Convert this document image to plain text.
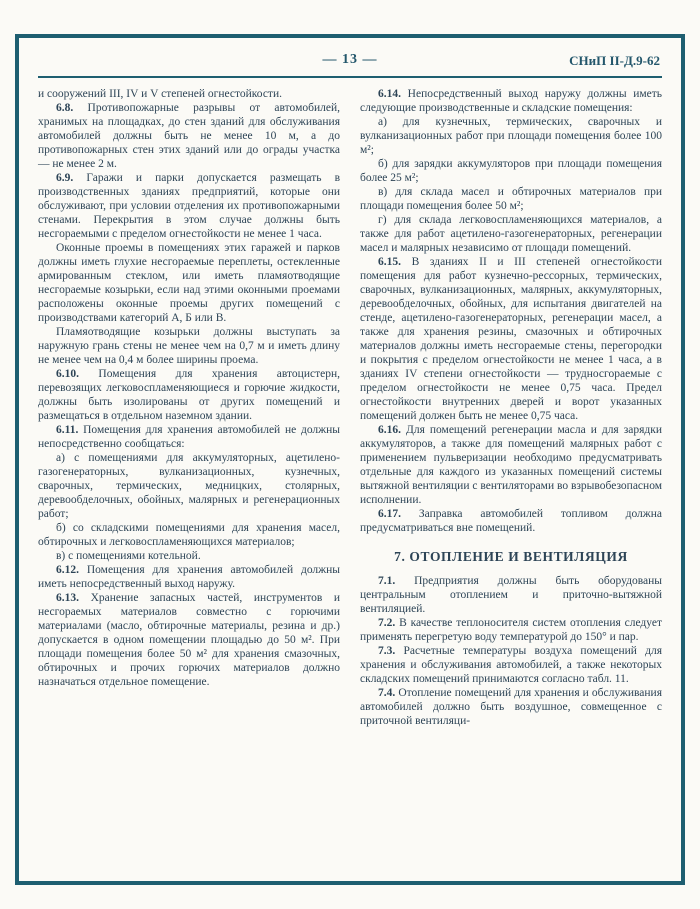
— 13 —	СНиП II-Д.9-62

и сооружений III, IV и V степеней огнестойкости.

6.8. Противопожарные разрывы от автомобилей, хранимых на площадках, до стен зданий для обслуживания автомобилей должны быть не менее 10 м, а до противопожарных стен этих зданий или до ограды участка — не менее 2 м.

6.9. Гаражи и парки допускается размещать в производственных зданиях предприятий, которые они обслуживают, при условии отделения их противопожарными стенами. Перекрытия в этом случае должны быть несгораемыми с пределом огнестойкости не менее 1 часа.

Оконные проемы в помещениях этих гаражей и парков должны иметь глухие несгораемые переплеты, остекленные армированным стеклом, или иметь пламяотводящие несгораемые козырьки, если над этими оконными проемами расположены оконные проемы других помещений с производствами категорий А, Б или В.

Пламяотводящие козырьки должны выступать за наружную грань стены не менее чем на 0,7 м и иметь длину не менее чем на 0,4 м более ширины проема.

6.10. Помещения для хранения автоцистерн, перевозящих легковоспламеняющиеся и горючие жидкости, должны быть изолированы от других помещений и размещаться в отдельном наземном здании.

6.11. Помещения для хранения автомобилей не должны непосредственно сообщаться:

а) с помещениями для аккумуляторных, ацетилено-газогенераторных, вулканизационных, кузнечных, сварочных, термических, медницких, столярных, деревообделочных, обойных, малярных и регенерационных работ;

б) со складскими помещениями для хранения масел, обтирочных и легковоспламеняющихся материалов;

в) с помещениями котельной.

6.12. Помещения для хранения автомобилей должны иметь непосредственный выход наружу.

6.13. Хранение запасных частей, инструментов и несгораемых материалов совместно с горючими материалами (масло, обтирочные материалы, резина и др.) допускается в одном помещении площадью до 50 м². При площади помещения более 50 м² для хранения смазочных, обтирочных и прочих горючих материалов должно назначаться отдельное помещение.

6.14. Непосредственный выход наружу должны иметь следующие производственные и складские помещения:

а) для кузнечных, термических, сварочных и вулканизационных работ при площади помещения более 100 м²;

б) для зарядки аккумуляторов при площади помещения более 25 м²;

в) для склада масел и обтирочных материалов при площади помещения более 50 м²;

г) для склада легковоспламеняющихся материалов, а также для работ ацетилено-газогенераторных, регенерации масел и малярных независимо от площади помещений.

6.15. В зданиях II и III степеней огнестойкости помещения для работ кузнечно-рессорных, термических, сварочных, вулканизационных, малярных, аккумуляторных, деревообделочных, обойных, для испытания двигателей на стенде, ацетилено-газогенераторных, регенерации масел, а также для хранения резины, смазочных и обтирочных материалов должны иметь несгораемые стены, перегородки и покрытия с пределом огнестойкости не менее 1 часа, а в зданиях IV степени огнестойкости — трудносгораемые с пределом огнестойкости не менее 0,75 часа. Предел огнестойкости внутренних дверей и ворот указанных помещений должен быть не менее 0,75 часа.

6.16. Для помещений регенерации масла и для зарядки аккумуляторов, а также для помещений малярных работ с применением пульверизации необходимо предусматривать отдельные для каждого из указанных помещений системы вытяжной вентиляции с вентиляторами во взрывобезопасном исполнении.

6.17. Заправка автомобилей топливом должна предусматриваться вне помещений.

7. ОТОПЛЕНИЕ И ВЕНТИЛЯЦИЯ

7.1. Предприятия должны быть оборудованы центральным отоплением и приточно-вытяжной вентиляцией.

7.2. В качестве теплоносителя систем отопления следует применять перегретую воду температурой до 150° и пар.

7.3. Расчетные температуры воздуха помещений для хранения и обслуживания автомобилей, а также некоторых складских помещений принимаются согласно табл. 11.

7.4. Отопление помещений для хранения и обслуживания автомобилей должно быть воздушное, совмещенное с приточной вентиляци-
